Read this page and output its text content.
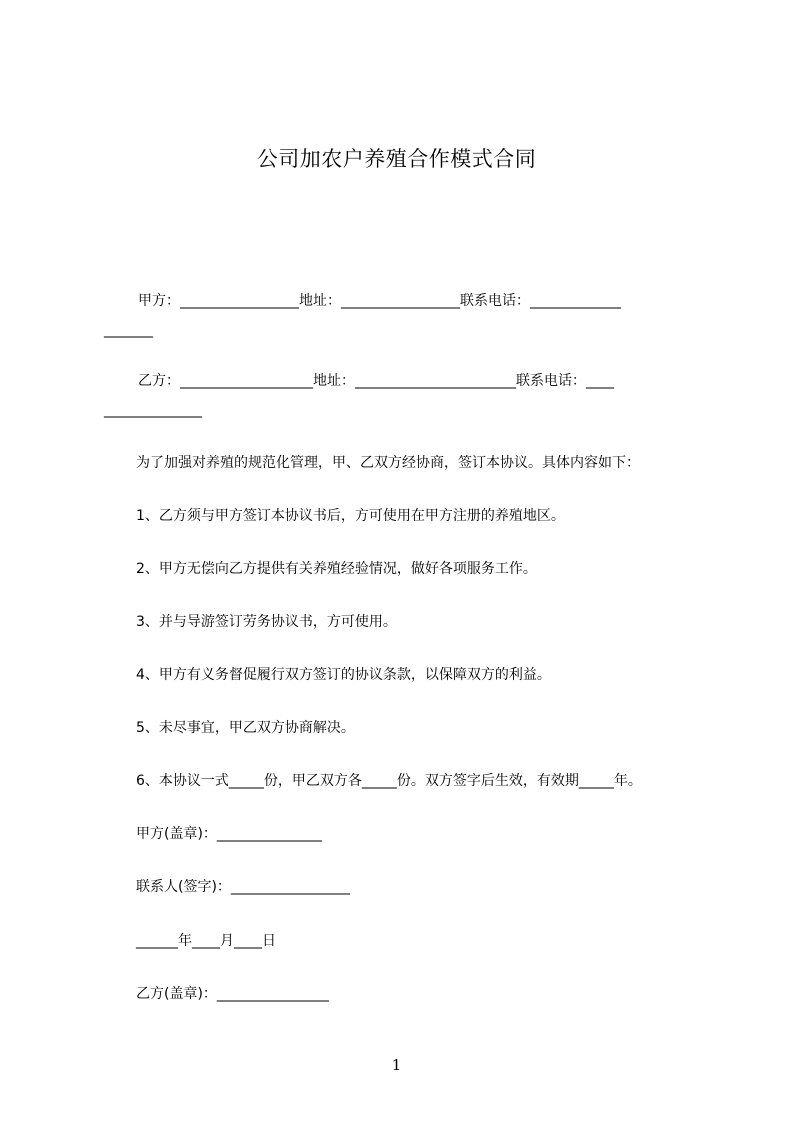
公司加农户养殖合作模式合同
甲方：_________________地址：_________________联系电话：_____________
_______
乙方：___________________地址：_______________________联系电话：____
______________
为了加强对养殖的规范化管理，甲、乙双方经协商，签订本协议。具体内容如下：
1、乙方须与甲方签订本协议书后，方可使用在甲方注册的养殖地区。
2、甲方无偿向乙方提供有关养殖经验情况，做好各项服务工作。
3、并与导游签订劳务协议书，方可使用。
4、甲方有义务督促履行双方签订的协议条款，以保障双方的利益。
5、未尽事宜，甲乙双方协商解决。
6、本协议一式_____份，甲乙双方各_____份。双方签字后生效，有效期_____年。
甲方(盖章)：_______________
联系人(签字)：_________________
______年____月____日
乙方(盖章)：________________
1
